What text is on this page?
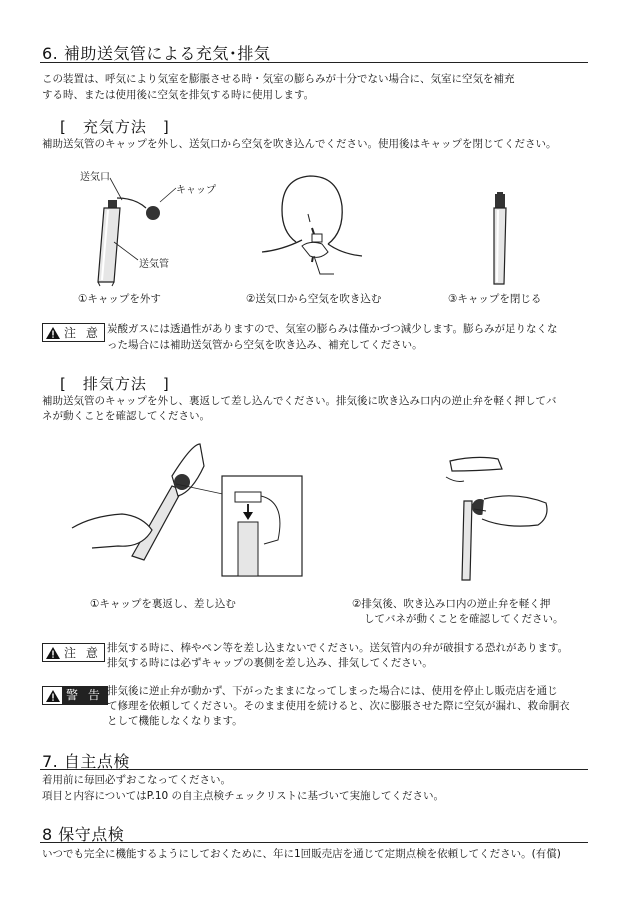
6. 補助送気管による充気･排気
この装置は、呼気により気室を膨脹させる時・気室の膨らみが十分でない場合に、気室に空気を補充
する時、または使用後に空気を排気する時に使用します。
[　充気方法　]
補助送気管のキャップを外し、送気口から空気を吹き込んでください。使用後はキャップを閉じてください。
送気口
キャップ
送気管
①キャップを外す	②送気口から空気を吹き込む	③キャップを閉じる
注 意 炭酸ガスには透過性がありますので、気室の膨らみは僅かづつ減少します。膨らみが足りなくな
った場合には補助送気管から空気を吹き込み、補充してください。
[　排気方法　]
補助送気管のキャップを外し、裏返して差し込んでください。排気後に吹き込み口内の逆止弁を軽く押してバ
ネが動くことを確認してください。
①キャップを裏返し、差し込む	②排気後、吹き込み口内の逆止弁を軽く押
してバネが動くことを確認してください。
注 意 排気する時に、棒やペン等を差し込まないでください。送気管内の弁が破損する恐れがあります。
排気する時には必ずキャップの裏側を差し込み、排気してください。
警 告 排気後に逆止弁が動かず、下がったままになってしまった場合には、使用を停止し販売店を通じ
て修理を依頼してください。そのまま使用を続けると、次に膨脹させた際に空気が漏れ、救命胴衣
として機能しなくなります。
7. 自主点検
着用前に毎回必ずおこなってください。
項目と内容についてはP.10 の自主点検チェックリストに基づいて実施してください。
8 保守点検
いつでも完全に機能するようにしておくために、年に1回販売店を通じて定期点検を依頼してください。(有償)
